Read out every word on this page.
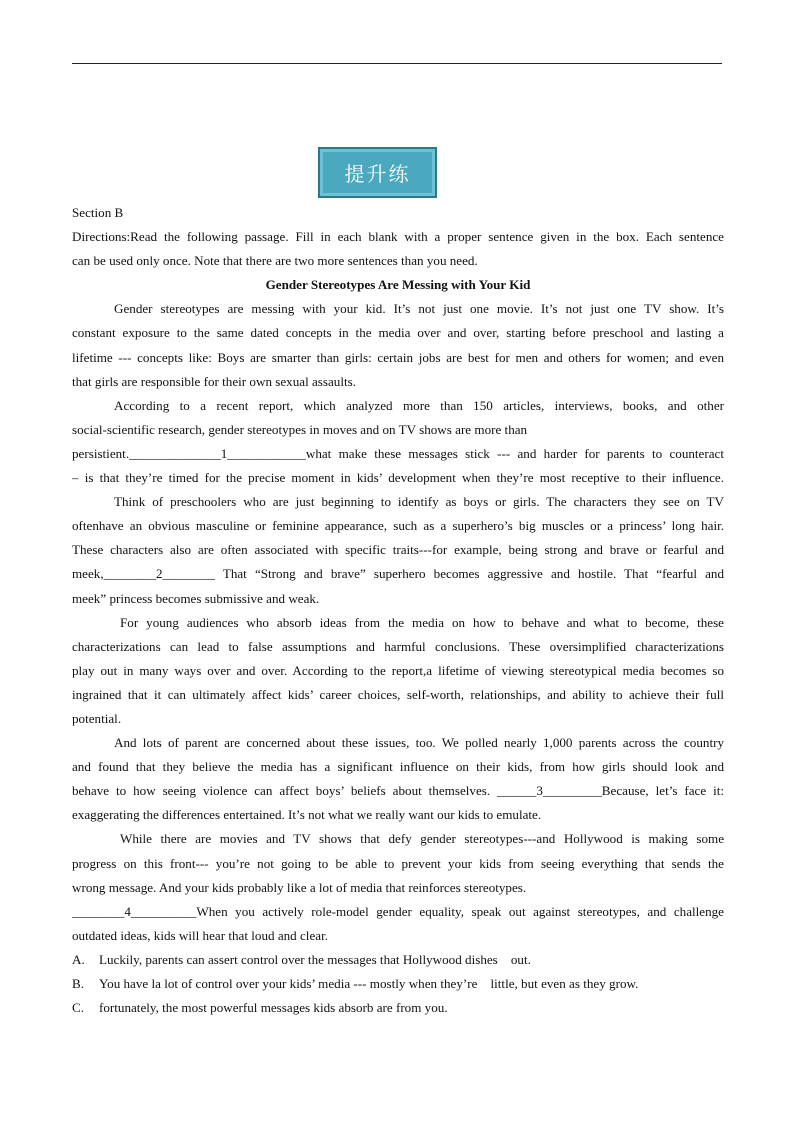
提升练
Section B
Directions:Read the following passage. Fill in each blank with a proper sentence given in the box. Each sentence
can be used only once. Note that there are two more sentences than you need.
Gender Stereotypes Are Messing with Your Kid
Gender stereotypes are messing with your kid. It’s not just one movie. It’s not just one TV show. It’s
constant exposure to the same dated concepts in the media over and over, starting before preschool and lasting a
lifetime --- concepts like: Boys are smarter than girls: certain jobs are best for men and others for women; and even
that girls are responsible for their own sexual assaults.
According to a recent report, which analyzed more than 150 articles, interviews, books, and other
social-scientific research, gender stereotypes in moves and on TV shows are more than
persistient.______________1____________what make these messages stick --- and harder for parents to counteract
– is that they’re timed for the precise moment in kids’ development when they’re most receptive to their influence.
Think of preschoolers who are just beginning to identify as boys or girls. The characters they see on TV
oftenhave an obvious masculine or feminine appearance, such as a superhero’s big muscles or a princess’ long hair.
These characters also are often associated with specific traits---for example, being strong and brave or fearful and
meek,________2________ That “Strong and brave” superhero becomes aggressive and hostile. That “fearful and
meek” princess becomes submissive and weak.
For young audiences who absorb ideas from the media on how to behave and what to become, these
characterizations can lead to false assumptions and harmful conclusions. These oversimplified characterizations
play out in many ways over and over. According to the report,a lifetime of viewing stereotypical media becomes so
ingrained that it can ultimately affect kids’ career choices, self-worth, relationships, and ability to achieve their full
potential.
And lots of parent are concerned about these issues, too. We polled nearly 1,000 parents across the country
and found that they believe the media has a significant influence on their kids, from how girls should look and
behave to how seeing violence can affect boys’ beliefs about themselves. ______3_________Because, let’s face it:
exaggerating the differences entertained. It’s not what we really want our kids to emulate.
While there are movies and TV shows that defy gender stereotypes---and Hollywood is making some
progress on this front--- you’re not going to be able to prevent your kids from seeing everything that sends the
wrong message. And your kids probably like a lot of media that reinforces stereotypes.
________4__________When you actively role-model gender equality, speak out against stereotypes, and challenge
outdated ideas, kids will hear that loud and clear.
A. Luckily, parents can assert control over the messages that Hollywood dishes    out.
B. You have la lot of control over your kids’ media --- mostly when they’re    little, but even as they grow.
C. fortunately, the most powerful messages kids absorb are from you.
